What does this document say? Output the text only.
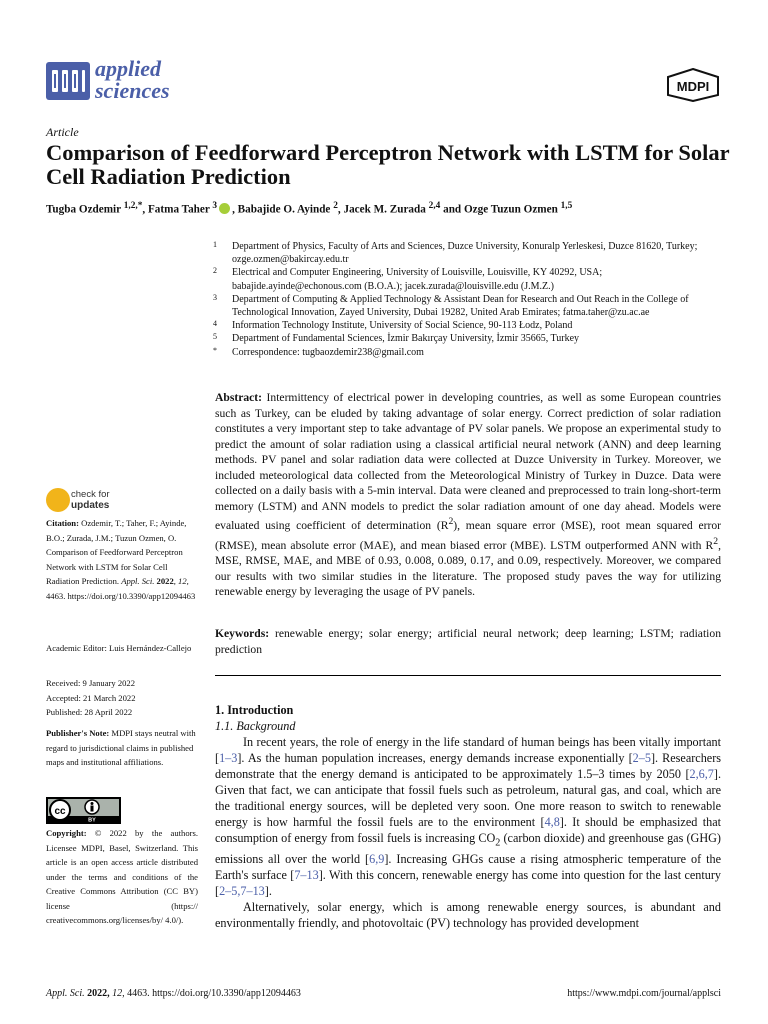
applied
sciences	MDPI
Article
Comparison of Feedforward Perceptron Network with LSTM for Solar Cell Radiation Prediction
Tugba Ozdemir $^{1,2,*}$, Fatma Taher $^3$ , Babajide O. Ayinde $^2$, Jacek M. Zurada $^{2,4}$ and Ozge Tuzun Ozmen $^{1,5}$
1 Department of Physics, Faculty of Arts and Sciences, Duzce University, Konuralp Yerleskesi, Duzce 81620, Turkey; ozge.ozmen@bakircay.edu.tr
2 Electrical and Computer Engineering, University of Louisville, Louisville, KY 40292, USA; babajide.ayinde@echonous.com (B.O.A.); jacek.zurada@louisville.edu (J.M.Z.)
3 Department of Computing & Applied Technology & Assistant Dean for Research and Out Reach in the College of Technological Innovation, Zayed University, Dubai 19282, United Arab Emirates; fatma.taher@zu.ac.ae
4 Information Technology Institute, University of Social Science, 90-113 Łodz, Poland
5 Department of Fundamental Sciences, İzmir Bakırçay University, İzmir 35665, Turkey
* Correspondence: tugbaozdemir238@gmail.com
Abstract: Intermittency of electrical power in developing countries, as well as some European countries such as Turkey, can be eluded by taking advantage of solar energy. Correct prediction of solar radiation constitutes a very important step to take advantage of PV solar panels. We propose an experimental study to predict the amount of solar radiation using a classical artificial neural network (ANN) and deep learning methods. PV panel and solar radiation data were collected at Duzce University in Turkey. Moreover, we included meteorological data collected from the Meteorological Ministry of Turkey in Duzce. Data were collected on a daily basis with a 5-min interval. Data were cleaned and preprocessed to train long-short-term memory (LSTM) and ANN models to predict the solar radiation amount of one day ahead. Models were evaluated using coefficient of determination $(R^2)$, mean square error (MSE), root mean squared error (RMSE), mean absolute error (MAE), and mean biased error (MBE). LSTM outperformed ANN with $R^2$, MSE, RMSE, MAE, and MBE of 0.93, 0.008, 0.089, 0.17, and 0.09, respectively. Moreover, we compared our results with two similar studies in the literature. The proposed study paves the way for utilizing renewable energy by leveraging the usage of PV panels.
Keywords: renewable energy; solar energy; artificial neural network; deep learning; LSTM; radiation prediction
check for
updates
Citation: Ozdemir, T.; Taher, F.; Ayinde, B.O.; Zurada, J.M.; Tuzun Ozmen, O. Comparison of Feedforward Perceptron Network with LSTM for Solar Cell Radiation Prediction. Appl. Sci. 2022, 12, 4463. https://doi.org/10.3390/app12094463
Academic Editor: Luis Hernández-Callejo
Received: 9 January 2022
Accepted: 21 March 2022
Published: 28 April 2022
Publisher's Note: MDPI stays neutral with regard to jurisdictional claims in published maps and institutional affiliations.
cc
BY
Copyright: © 2022 by the authors. Licensee MDPI, Basel, Switzerland. This article is an open access article distributed under the terms and conditions of the Creative Commons Attribution (CC BY) license (https:// creativecommons.org/licenses/by/ 4.0/).
1. Introduction
1.1. Background
In recent years, the role of energy in the life standard of human beings has been vitally important [1–3]. As the human population increases, energy demands increase exponentially [2–5]. Researchers demonstrate that the energy demand is anticipated to be approximately 1.5–3 times by 2050 [2,6,7]. Given that fact, we can anticipate that fossil fuels such as petroleum, natural gas, and coal, which are the traditional energy sources, will be depleted very soon. One more reason to switch to renewable energy is how harmful the fossil fuels are to the environment [4,8]. It should be emphasized that consumption of energy from fossil fuels is increasing $CO_2$ (carbon dioxide) and greenhouse gas (GHG) emissions all over the world [6,9]. Increasing GHGs cause a rising atmospheric temperature of the Earth's surface [7–13]. With this concern, renewable energy has come into question for the last century [2–5,7–13].
Alternatively, solar energy, which is among renewable energy sources, is abundant and environmentally friendly, and photovoltaic (PV) technology has provided development
Appl. Sci. 2022, 12, 4463. https://doi.org/10.3390/app12094463	https://www.mdpi.com/journal/applsci
